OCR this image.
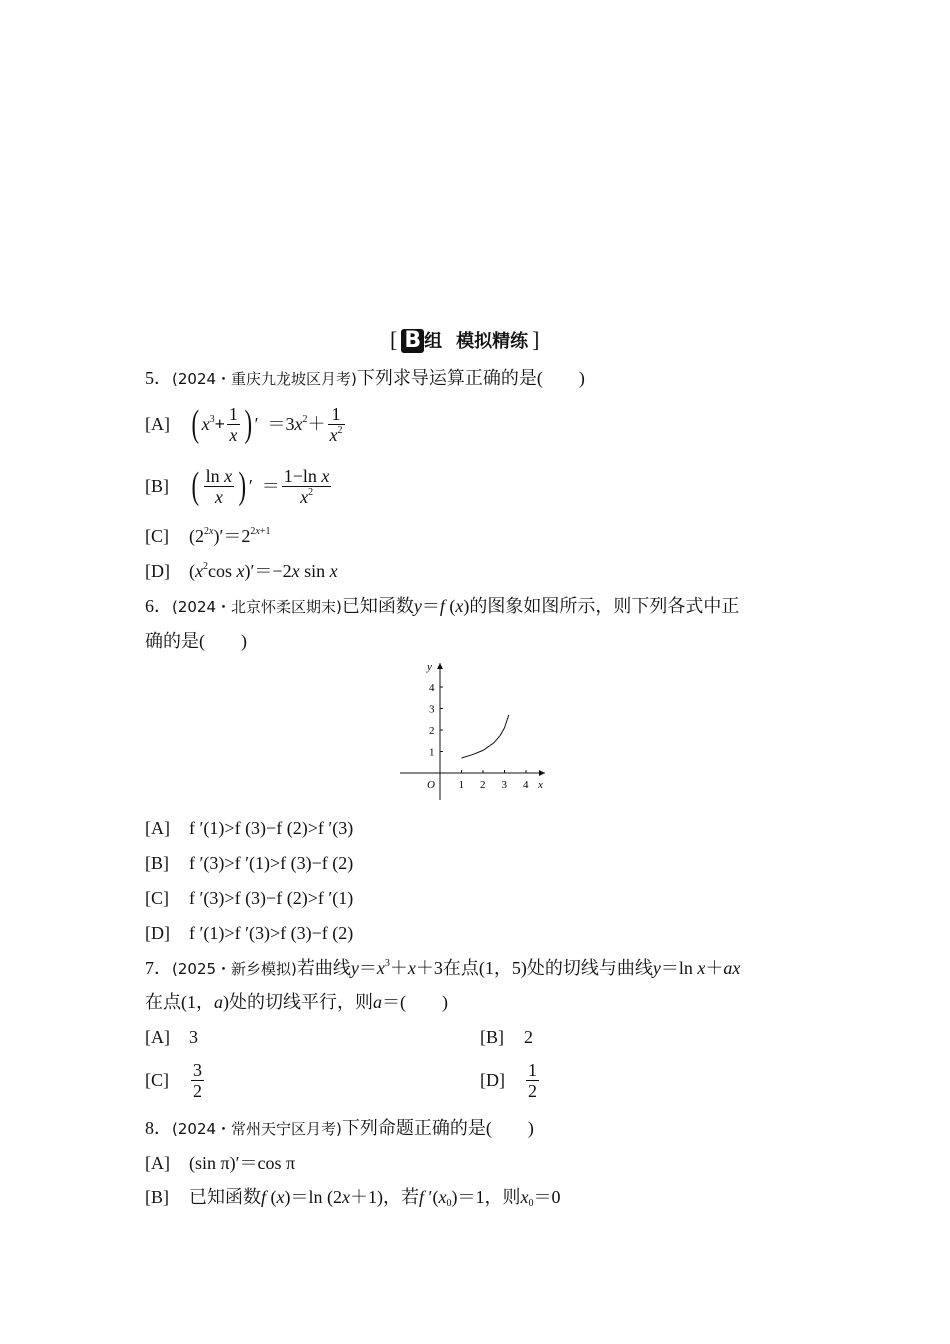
[ B 组 模拟精练 ]
5．(2024・重庆九龙坡区月考)下列求导运算正确的是(　　)
[A] ( $x^3+ \frac{1}{x}$ ) ′  $=3x^2+ \frac{1}{x^2}$
[B] ( $\frac{\text{ln x}}{x}$ ) ′  ＝ $\frac{\text{1−ln x}}{x^2}$
[C] $(2^{2x})'=2^{2x+1}$
[D] ($x^2\cos$ x)′＝−2x sin x
6．(2024・北京怀柔区期末)已知函数y＝f (x)的图象如图所示，则下列各式中正
确的是(　　)
1 2 3 4
1
2
3
4
y
x
O
[A] f ′(1)>f (3)−f (2)>f ′(3)
[B] f ′(3)>f ′(1)>f (3)−f (2)
[C] f ′(3)>f (3)−f (2)>f ′(1)
[D] f ′(1)>f ′(3)>f (3)−f (2)
7．(2025・新乡模拟)若曲线$y=x^3+x+3$在点(1，5)处的切线与曲线y＝ln x＋ax
在点(1，a)处的切线平行，则a＝(　　)
[A] 3	[B] 2
[C]	$\frac{3}{2}$	[D]	$\frac{1}{2}$
8．(2024・常州天宁区月考)下列命题正确的是(　　)
[A] (sin π)′＝cos π
[B] 已知函数f (x)＝ln (2x＋1)，若f $'(x_0)=1$，则$x_0=0$
